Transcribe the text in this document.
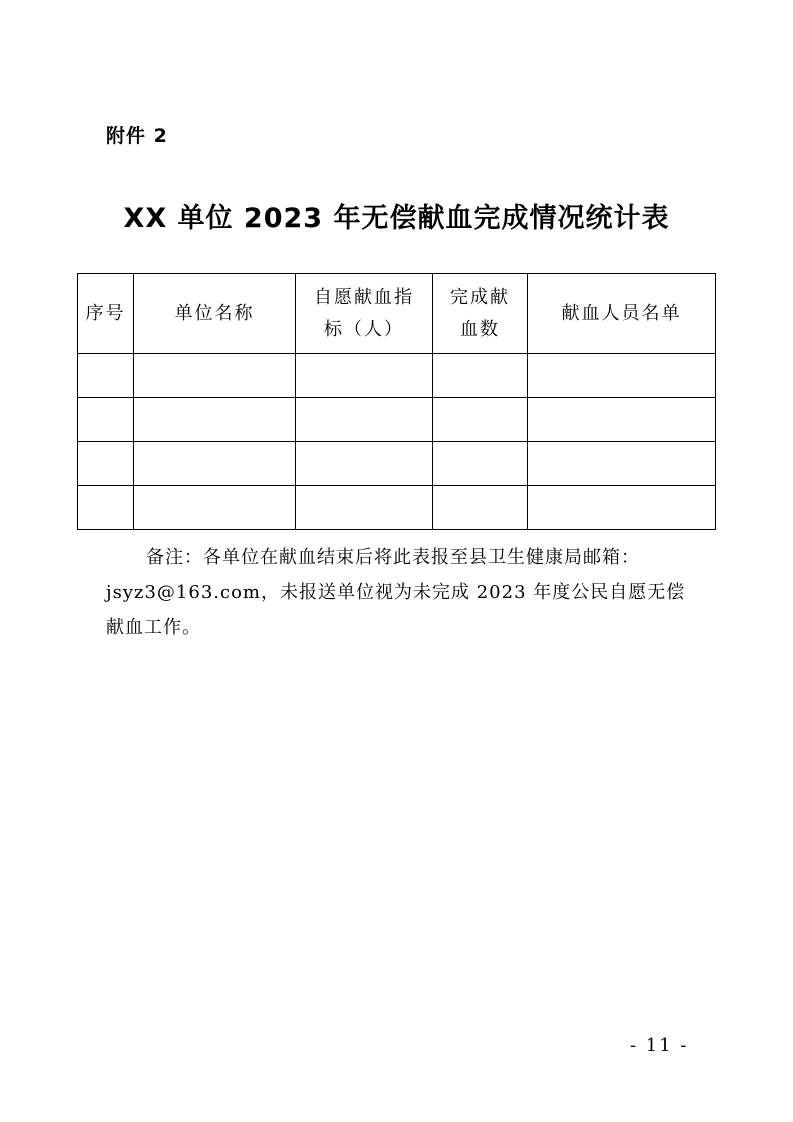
附件 2
XX 单位 2023 年无偿献血完成情况统计表
序号	单位名称	自愿献血指标（人）	完成献血数	献血人员名单

备注：各单位在献血结束后将此表报至县卫生健康局邮箱：

jsyz3@163.com，未报送单位视为未完成 2023 年度公民自愿无偿

献血工作。

- 11 -
